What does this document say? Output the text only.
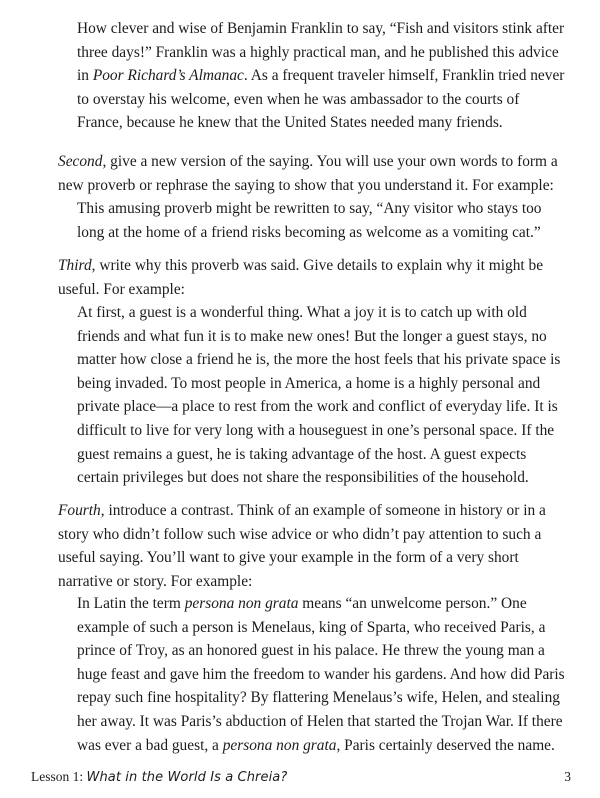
How clever and wise of Benjamin Franklin to say, “Fish and visitors stink after three days!” Franklin was a highly practical man, and he published this advice in Poor Richard’s Almanac. As a frequent traveler himself, Franklin tried never to overstay his welcome, even when he was ambassador to the courts of France, because he knew that the United States needed many friends.

Second, give a new version of the saying. You will use your own words to form a new proverb or rephrase the saying to show that you understand it. For example:

This amusing proverb might be rewritten to say, “Any visitor who stays too long at the home of a friend risks becoming as welcome as a vomiting cat.”

Third, write why this proverb was said. Give details to explain why it might be useful. For example:

At first, a guest is a wonderful thing. What a joy it is to catch up with old friends and what fun it is to make new ones! But the longer a guest stays, no matter how close a friend he is, the more the host feels that his private space is being invaded. To most people in America, a home is a highly personal and private place—a place to rest from the work and conflict of everyday life. It is difficult to live for very long with a houseguest in one’s personal space. If the guest remains a guest, he is taking advantage of the host. A guest expects certain privileges but does not share the responsibilities of the household.

Fourth, introduce a contrast. Think of an example of someone in history or in a story who didn’t follow such wise advice or who didn’t pay attention to such a useful saying. You’ll want to give your example in the form of a very short narrative or story. For example:

In Latin the term persona non grata means “an unwelcome person.” One example of such a person is Menelaus, king of Sparta, who received Paris, a prince of Troy, as an honored guest in his palace. He threw the young man a huge feast and gave him the freedom to wander his gardens. And how did Paris repay such fine hospitality? By flattering Menelaus’s wife, Helen, and stealing her away. It was Paris’s abduction of Helen that started the Trojan War. If there was ever a bad guest, a persona non grata, Paris certainly deserved the name.

Lesson 1: What in the World Is a Chreia?	3
